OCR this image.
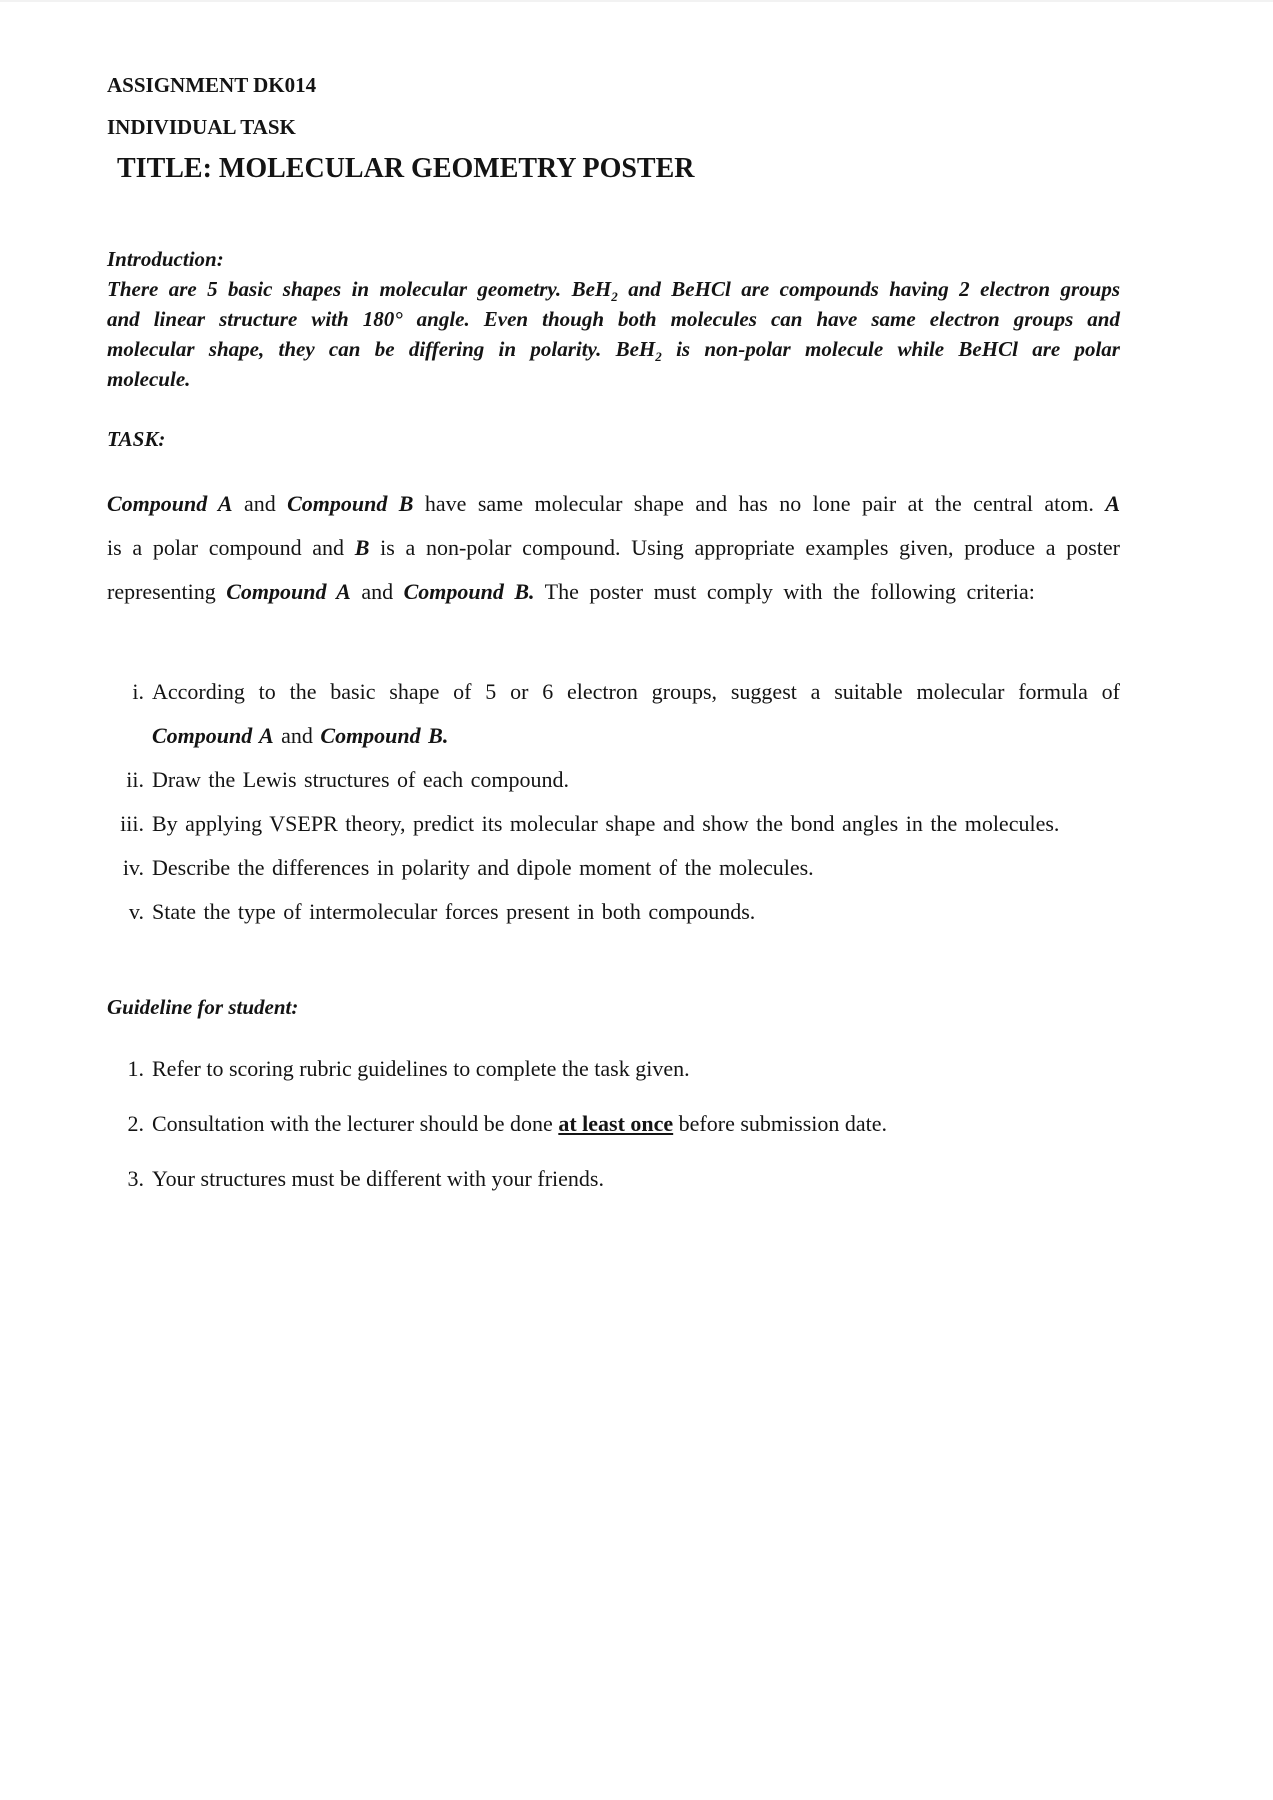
ASSIGNMENT DK014

INDIVIDUAL TASK

TITLE: MOLECULAR GEOMETRY POSTER

Introduction:

There are 5 basic shapes in molecular geometry. BeH$_2$ and BeHCl are compounds having 2 electron groups and linear structure with 180° angle. Even though both molecules can have same electron groups and molecular shape, they can be differing in polarity. BeH$_2$ is non-polar molecule while BeHCl are polar molecule.

TASK:

Compound A and Compound B have same molecular shape and has no lone pair at the central atom. A is a polar compound and B is a non-polar compound. Using appropriate examples given, produce a poster representing Compound A and Compound B. The poster must comply with the following criteria:

i. According to the basic shape of 5 or 6 electron groups, suggest a suitable molecular formula of Compound A and Compound B.
ii. Draw the Lewis structures of each compound.
iii. By applying VSEPR theory, predict its molecular shape and show the bond angles in the molecules.
iv. Describe the differences in polarity and dipole moment of the molecules.
v. State the type of intermolecular forces present in both compounds.

Guideline for student:

1. Refer to scoring rubric guidelines to complete the task given.
2. Consultation with the lecturer should be done at least once before submission date.
3. Your structures must be different with your friends.
